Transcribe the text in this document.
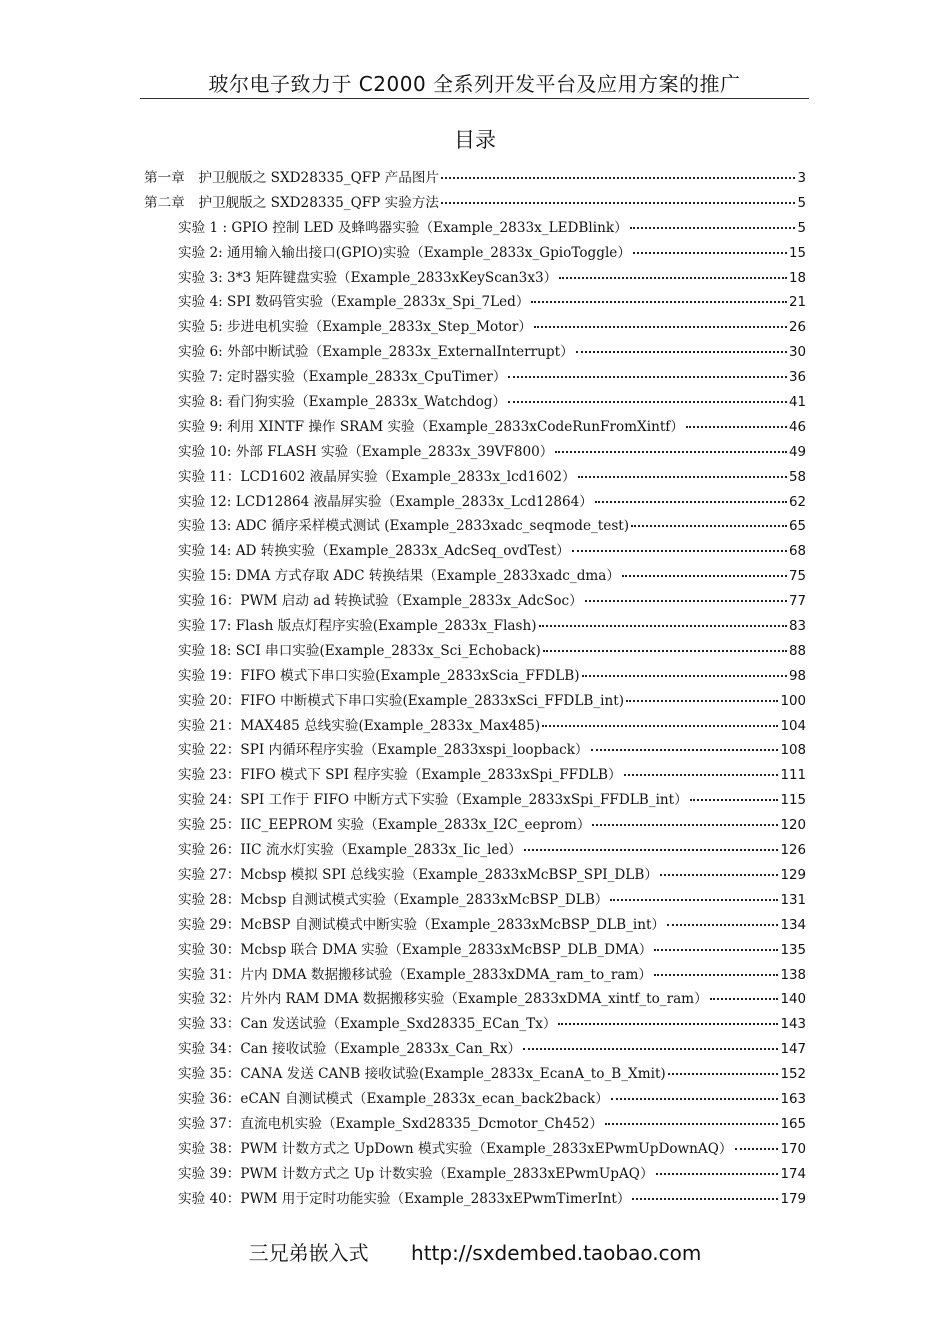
玻尔电子致力于 C2000 全系列开发平台及应用方案的推广
目录
第一章　护卫舰版之 SXD28335_QFP 产品图片	3
第二章　护卫舰版之 SXD28335_QFP 实验方法	5
实验 1 : GPIO 控制 LED 及蜂鸣器实验（Example_2833x_LEDBlink）	5
实验 2: 通用输入输出接口(GPIO)实验（Example_2833x_GpioToggle）	15
实验 3: 3*3 矩阵键盘实验（Example_2833xKeyScan3x3）	18
实验 4: SPI 数码管实验（Example_2833x_Spi_7Led）	21
实验 5: 步进电机实验（Example_2833x_Step_Motor）	26
实验 6: 外部中断试验（Example_2833x_ExternalInterrupt）	30
实验 7: 定时器实验（Example_2833x_CpuTimer）	36
实验 8: 看门狗实验（Example_2833x_Watchdog）	41
实验 9: 利用 XINTF 操作 SRAM 实验（Example_2833xCodeRunFromXintf）	46
实验 10: 外部 FLASH 实验（Example_2833x_39VF800）	49
实验 11：LCD1602 液晶屏实验（Example_2833x_lcd1602）	58
实验 12: LCD12864 液晶屏实验（Example_2833x_Lcd12864）	62
实验 13: ADC 循序采样模式测试 (Example_2833xadc_seqmode_test)	65
实验 14: AD 转换实验（Example_2833x_AdcSeq_ovdTest）	68
实验 15: DMA 方式存取 ADC 转换结果（Example_2833xadc_dma）	75
实验 16：PWM 启动 ad 转换试验（Example_2833x_AdcSoc）	77
实验 17: Flash 版点灯程序实验(Example_2833x_Flash)	83
实验 18: SCI 串口实验(Example_2833x_Sci_Echoback)	88
实验 19：FIFO 模式下串口实验(Example_2833xScia_FFDLB)	98
实验 20：FIFO 中断模式下串口实验(Example_2833xSci_FFDLB_int)	100
实验 21：MAX485 总线实验(Example_2833x_Max485)	104
实验 22：SPI 内循环程序实验（Example_2833xspi_loopback）	108
实验 23：FIFO 模式下 SPI 程序实验（Example_2833xSpi_FFDLB）	111
实验 24：SPI 工作于 FIFO 中断方式下实验（Example_2833xSpi_FFDLB_int）	115
实验 25：IIC_EEPROM 实验（Example_2833x_I2C_eeprom）	120
实验 26：IIC 流水灯实验（Example_2833x_Iic_led）	126
实验 27：Mcbsp 模拟 SPI 总线实验（Example_2833xMcBSP_SPI_DLB）	129
实验 28：Mcbsp 自测试模式实验（Example_2833xMcBSP_DLB）	131
实验 29：McBSP 自测试模式中断实验（Example_2833xMcBSP_DLB_int）	134
实验 30：Mcbsp 联合 DMA 实验（Example_2833xMcBSP_DLB_DMA）	135
实验 31：片内 DMA 数据搬移试验（Example_2833xDMA_ram_to_ram）	138
实验 32：片外内 RAM DMA 数据搬移实验（Example_2833xDMA_xintf_to_ram）	140
实验 33：Can 发送试验（Example_Sxd28335_ECan_Tx）	143
实验 34：Can 接收试验（Example_2833x_Can_Rx）	147
实验 35：CANA 发送 CANB 接收试验(Example_2833x_EcanA_to_B_Xmit)	152
实验 36：eCAN 自测试模式（Example_2833x_ecan_back2back）	163
实验 37：直流电机实验（Example_Sxd28335_Dcmotor_Ch452）	165
实验 38：PWM 计数方式之 UpDown 模式实验（Example_2833xEPwmUpDownAQ）	170
实验 39：PWM 计数方式之 Up 计数实验（Example_2833xEPwmUpAQ）	174
实验 40：PWM 用于定时功能实验（Example_2833xEPwmTimerInt）	179
三兄弟嵌入式 http://sxdembed.taobao.com
